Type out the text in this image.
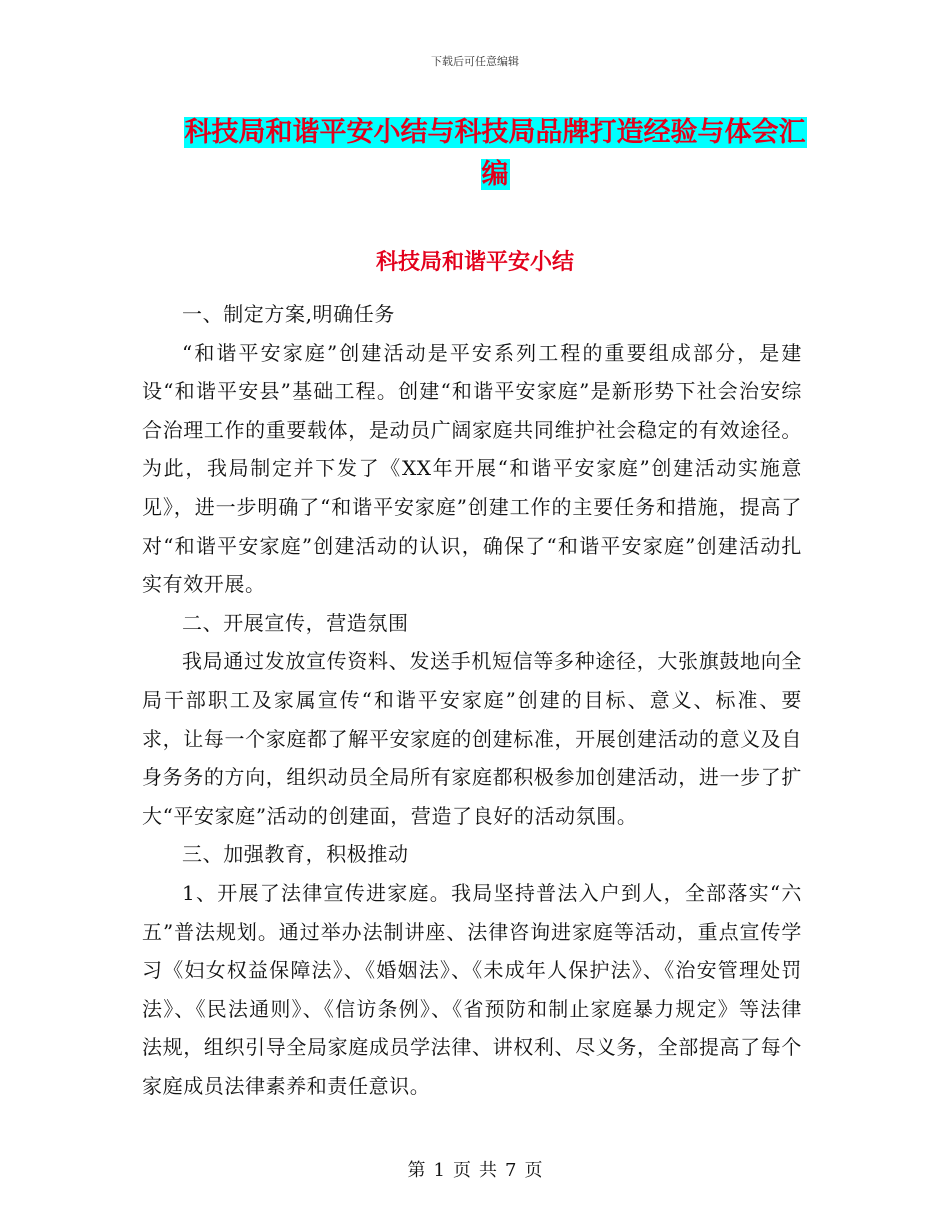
下载后可任意编辑
科技局和谐平安小结与科技局品牌打造经验与体会汇
编
科技局和谐平安小结

一、制定方案,明确任务

“和谐平安家庭”创建活动是平安系列工程的重要组成部分，是建设“和谐平安县”基础工程。创建“和谐平安家庭”是新形势下社会治安综合治理工作的重要载体，是动员广阔家庭共同维护社会稳定的有效途径。为此，我局制定并下发了《XX年开展“和谐平安家庭”创建活动实施意见》，进一步明确了“和谐平安家庭”创建工作的主要任务和措施，提高了对“和谐平安家庭”创建活动的认识，确保了“和谐平安家庭”创建活动扎实有效开展。

二、开展宣传，营造氛围

我局通过发放宣传资料、发送手机短信等多种途径，大张旗鼓地向全局干部职工及家属宣传“和谐平安家庭”创建的目标、意义、标准、要求，让每一个家庭都了解平安家庭的创建标准，开展创建活动的意义及自身务务的方向，组织动员全局所有家庭都积极参加创建活动，进一步了扩大“平安家庭”活动的创建面，营造了良好的活动氛围。

三、加强教育，积极推动

1、开展了法律宣传进家庭。我局坚持普法入户到人，全部落实“六五”普法规划。通过举办法制讲座、法律咨询进家庭等活动，重点宣传学习《妇女权益保障法》、《婚姻法》、《未成年人保护法》、《治安管理处罚法》、《民法通则》、《信访条例》、《省预防和制止家庭暴力规定》等法律法规，组织引导全局家庭成员学法律、讲权利、尽义务，全部提高了每个家庭成员法律素养和责任意识。

第 1 页 共 7 页
